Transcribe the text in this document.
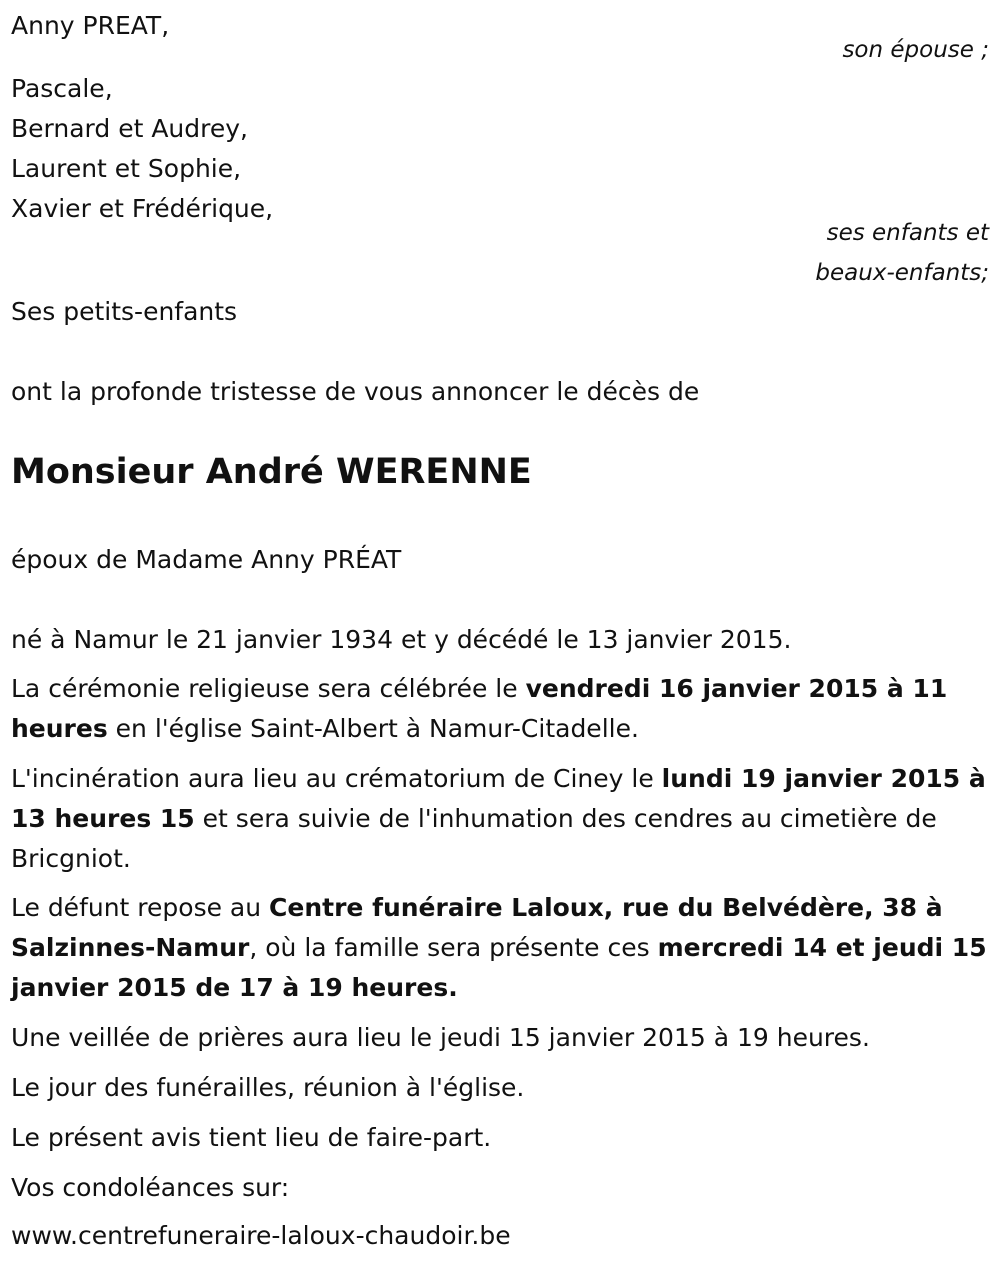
Anny PREAT,
son épouse ;
Pascale,
Bernard et Audrey,
Laurent et Sophie,
Xavier et Frédérique,
ses enfants et
beaux-enfants;
Ses petits-enfants
ont la profonde tristesse de vous annoncer le décès de
Monsieur André WERENNE
époux de Madame Anny PRÉAT
né à Namur le 21 janvier 1934 et y décédé le 13 janvier 2015.
La cérémonie religieuse sera célébrée le vendredi 16 janvier 2015 à 11 heures en l'église Saint-Albert à Namur-Citadelle.
L'incinération aura lieu au crématorium de Ciney le lundi 19 janvier 2015 à 13 heures 15 et sera suivie de l'inhumation des cendres au cimetière de Bricgniot.
Le défunt repose au Centre funéraire Laloux, rue du Belvédère, 38 à Salzinnes-Namur, où la famille sera présente ces mercredi 14 et jeudi 15 janvier 2015 de 17 à 19 heures.
Une veillée de prières aura lieu le jeudi 15 janvier 2015 à 19 heures.
Le jour des funérailles, réunion à l'église.
Le présent avis tient lieu de faire-part.
Vos condoléances sur:
www.centrefuneraire-laloux-chaudoir.be
